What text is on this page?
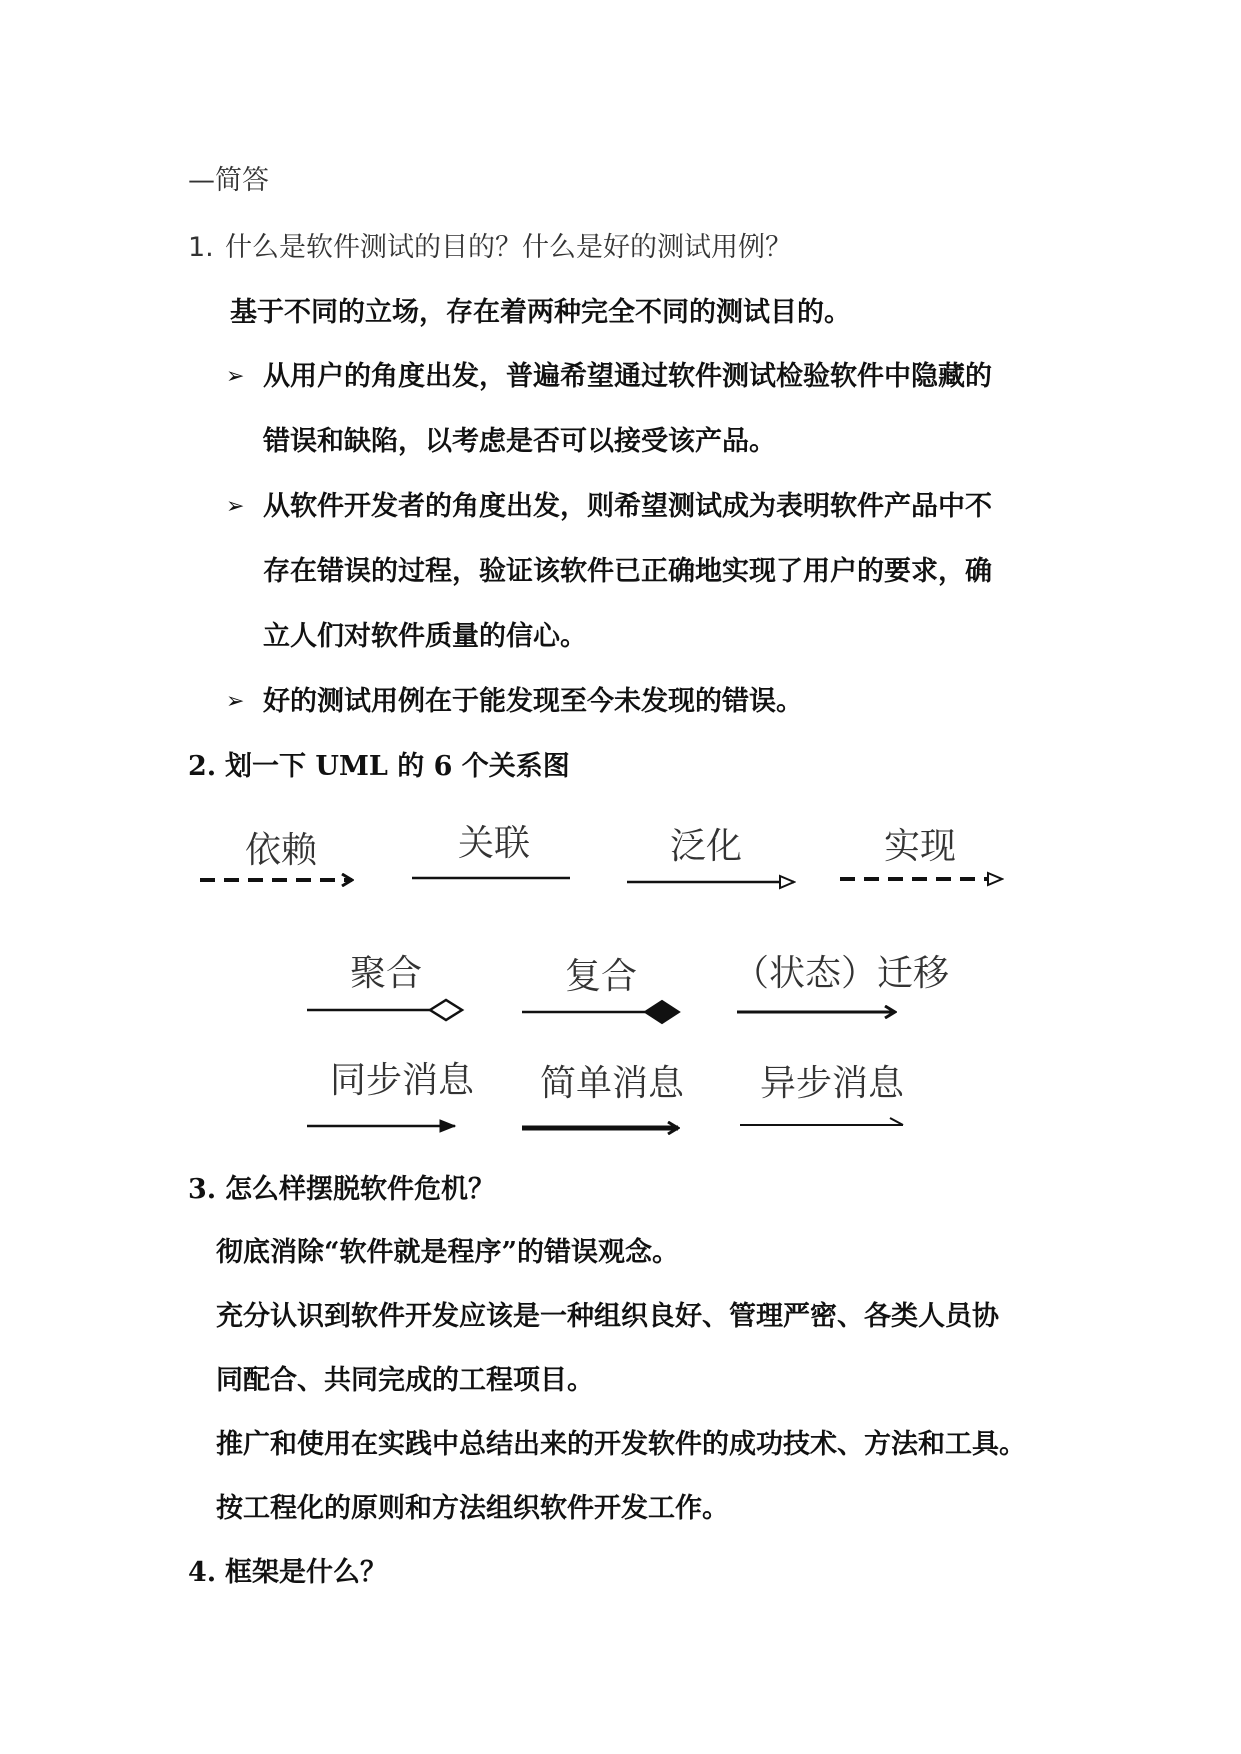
—简答
1. 什么是软件测试的目的？什么是好的测试用例？
基于不同的立场，存在着两种完全不同的测试目的。
➢ 从用户的角度出发，普遍希望通过软件测试检验软件中隐藏的
错误和缺陷，以考虑是否可以接受该产品。
➢ 从软件开发者的角度出发，则希望测试成为表明软件产品中不
存在错误的过程，验证该软件已正确地实现了用户的要求，确
立人们对软件质量的信心。
➢ 好的测试用例在于能发现至今未发现的错误。
2. 划一下 UML 的 6 个关系图
依赖	关联	泛化	实现
聚合	复合	（状态）迁移
同步消息 简单消息 异步消息
3. 怎么样摆脱软件危机？
彻底消除“软件就是程序”的错误观念。
充分认识到软件开发应该是一种组织良好、管理严密、各类人员协
同配合、共同完成的工程项目。
推广和使用在实践中总结出来的开发软件的成功技术、方法和工具。
按工程化的原则和方法组织软件开发工作。
4. 框架是什么？
